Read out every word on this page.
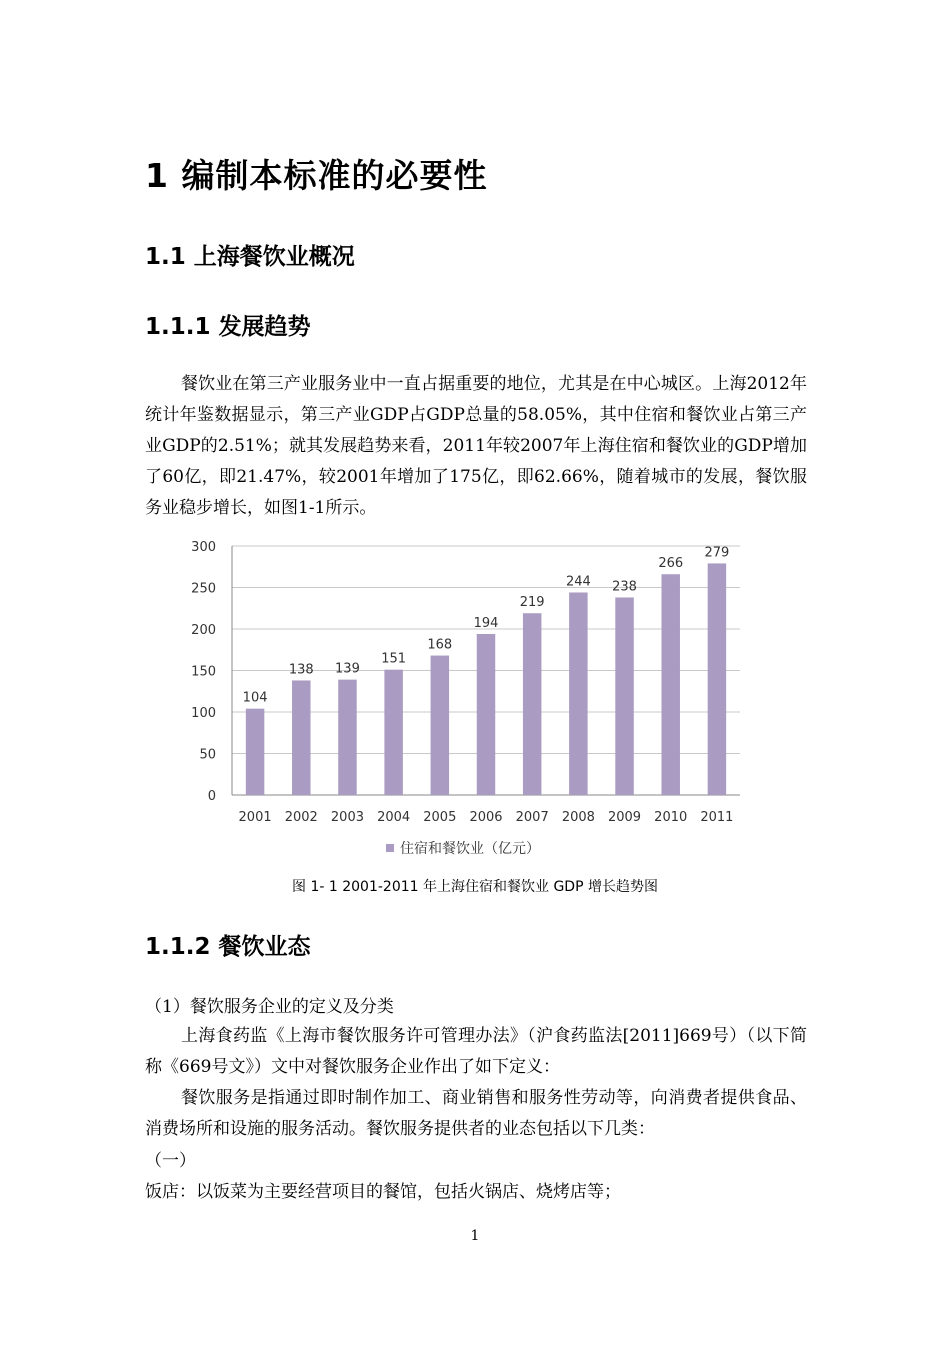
1 编制本标准的必要性
1.1 上海餐饮业概况
1.1.1 发展趋势

餐饮业在第三产业服务业中一直占据重要的地位，尤其是在中心城区。上海2012年统计年鉴数据显示，第三产业GDP占GDP总量的58.05%，其中住宿和餐饮业占第三产业GDP的2.51%；就其发展趋势来看，2011年较2007年上海住宿和餐饮业的GDP增加了60亿，即21.47%，较2001年增加了175亿，即62.66%，随着城市的发展，餐饮服务业稳步增长，如图1-1所示。

0
50
100
150
200
250
300
104
2001
138
2002
139
2003
151
2004
168
2005
194
2006
219
2007
244
2008
238
2009
266
2010
279
2011
住宿和餐饮业（亿元）
图 1- 1 2001-2011 年上海住宿和餐饮业 GDP 增长趋势图
1.1.2 餐饮业态

（1）餐饮服务企业的定义及分类

上海食药监《上海市餐饮服务许可管理办法》（沪食药监法[2011]669号）（以下简称《669号文》）文中对餐饮服务企业作出了如下定义：

餐饮服务是指通过即时制作加工、商业销售和服务性劳动等，向消费者提供食品、消费场所和设施的服务活动。餐饮服务提供者的业态包括以下几类：

（一）

饭店：以饭菜为主要经营项目的餐馆，包括火锅店、烧烤店等；

1
